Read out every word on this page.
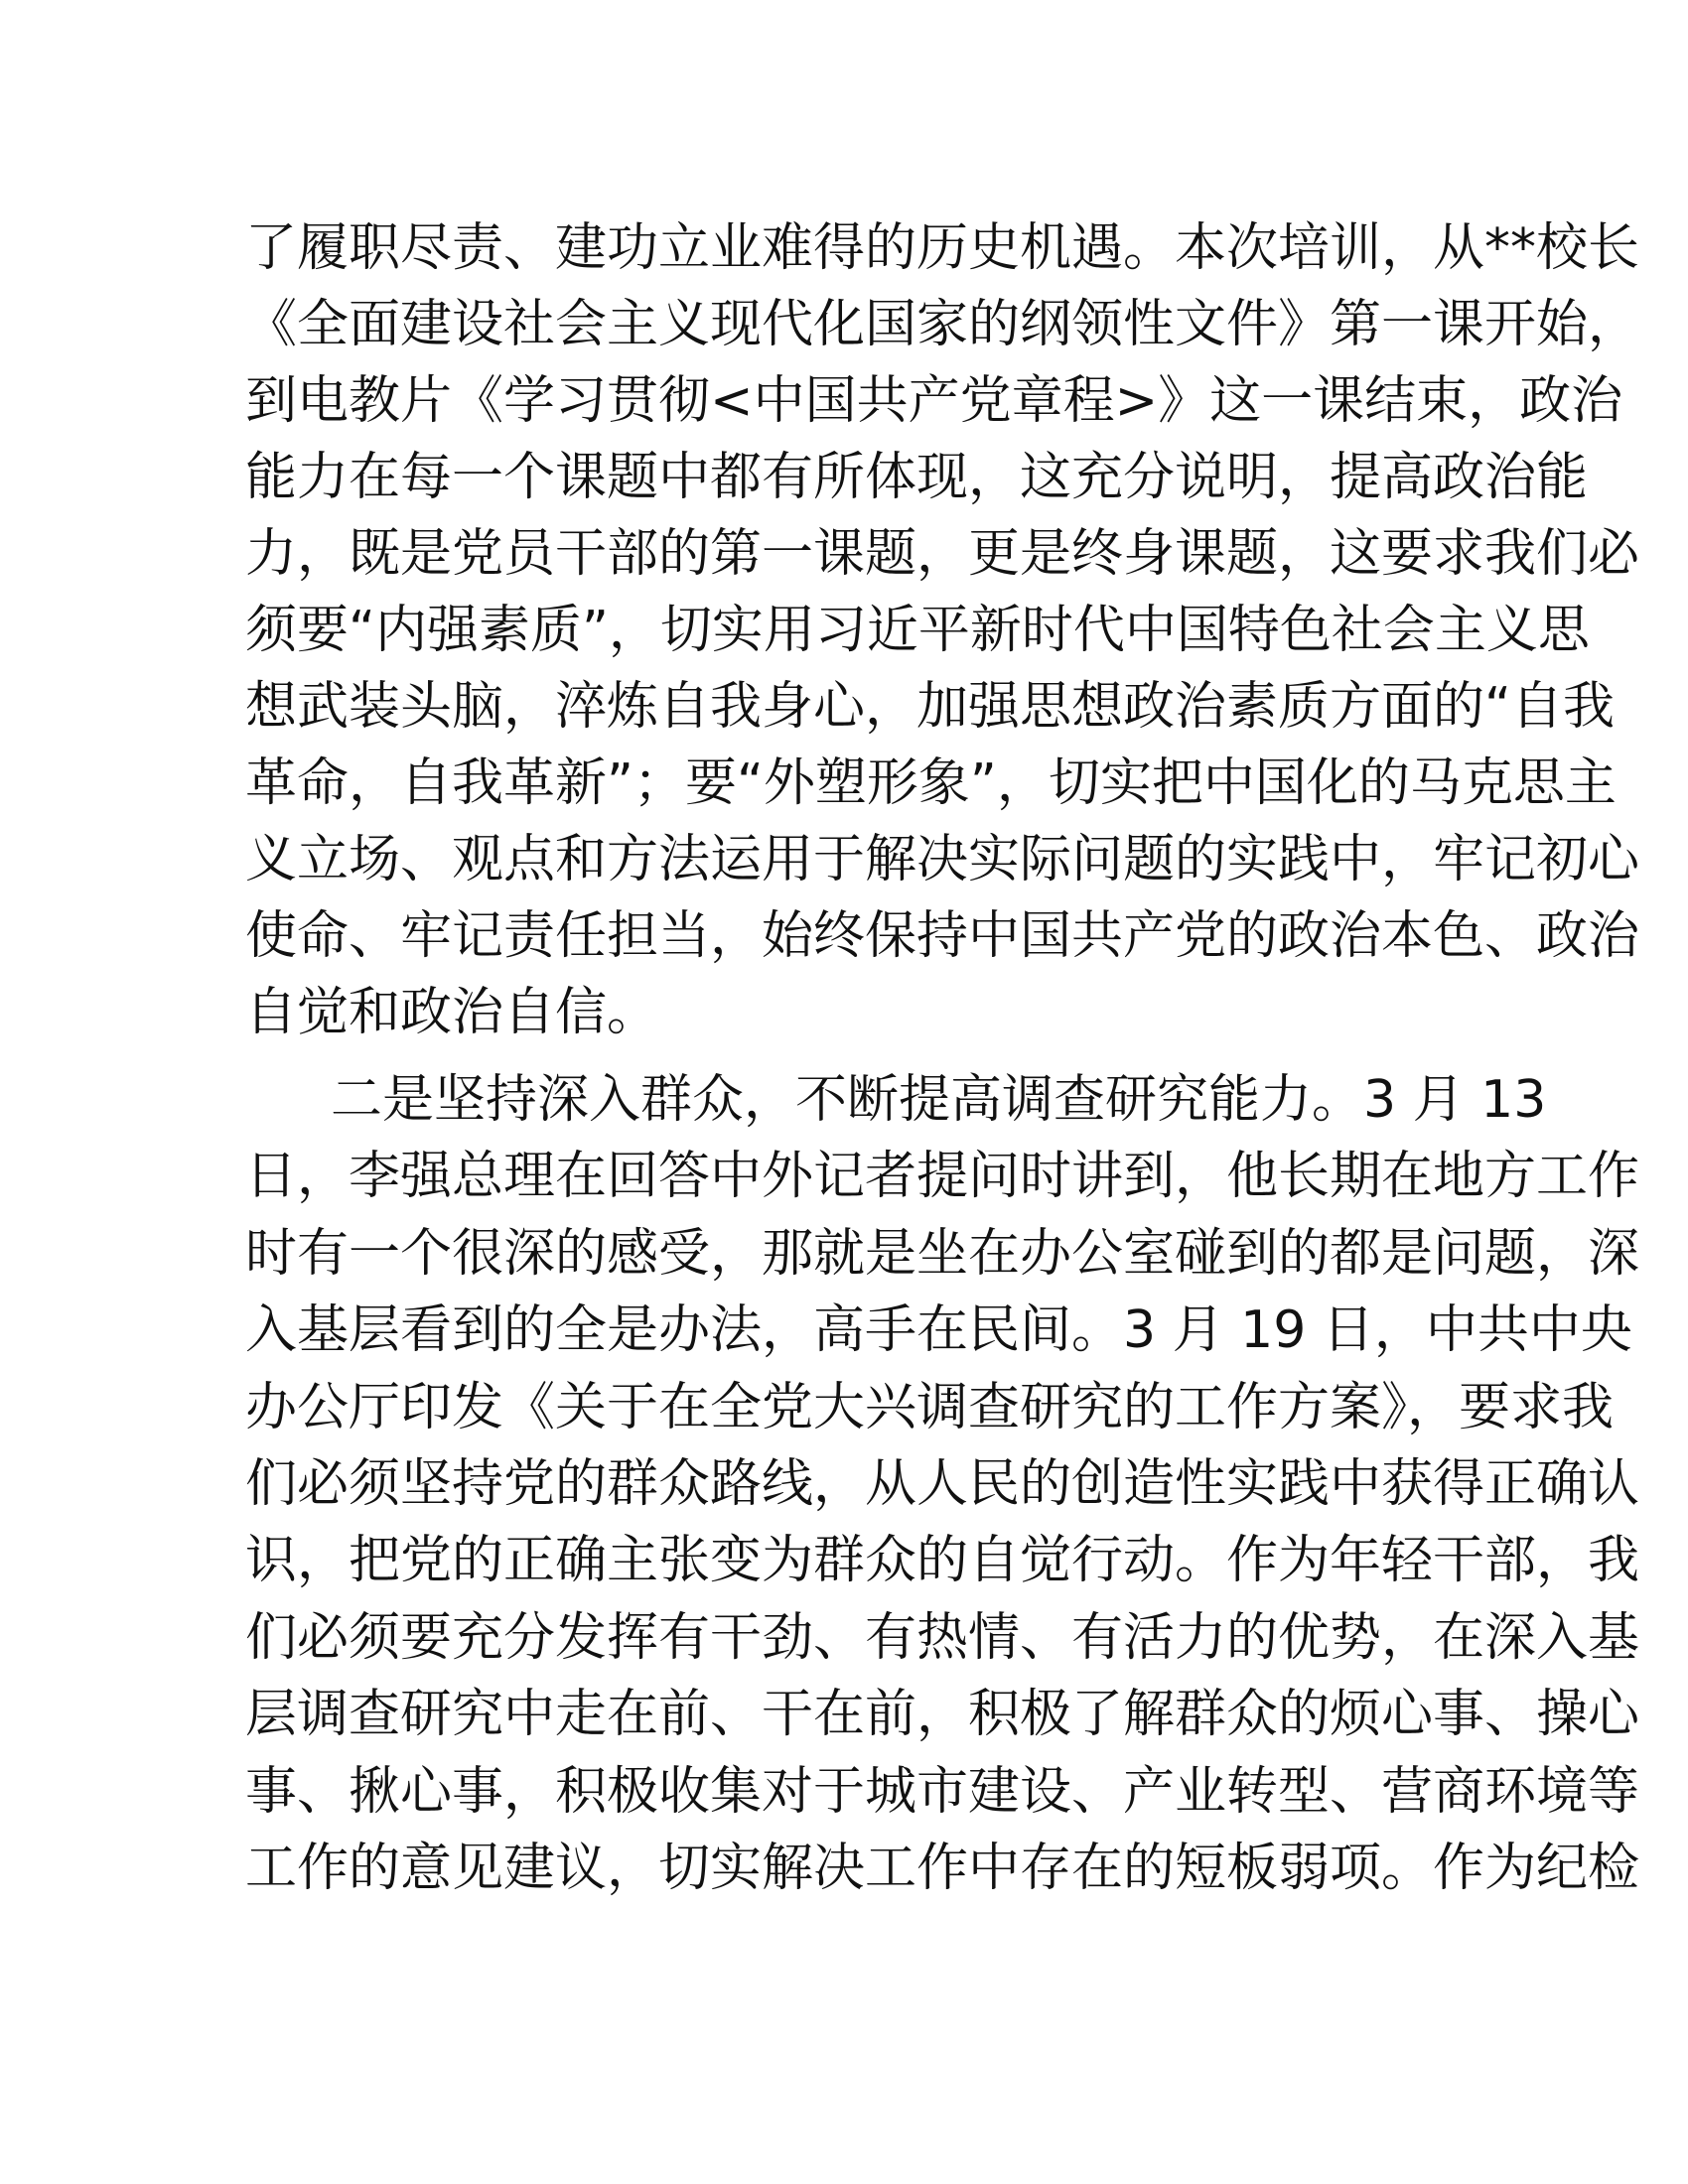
了履职尽责、建功立业难得的历史机遇。本次培训，从**校长
《全面建设社会主义现代化国家的纲领性文件》第一课开始，
到电教片《学习贯彻<中国共产党章程>》这一课结束，政治
能力在每一个课题中都有所体现，这充分说明，提高政治能
力，既是党员干部的第一课题，更是终身课题，这要求我们必
须要“内强素质”，切实用习近平新时代中国特色社会主义思
想武装头脑，淬炼自我身心，加强思想政治素质方面的“自我
革命，自我革新”；要“外塑形象”，切实把中国化的马克思主
义立场、观点和方法运用于解决实际问题的实践中，牢记初心
使命、牢记责任担当，始终保持中国共产党的政治本色、政治
自觉和政治自信。
二是坚持深入群众，不断提高调查研究能力。3 月 13
日，李强总理在回答中外记者提问时讲到，他长期在地方工作
时有一个很深的感受，那就是坐在办公室碰到的都是问题，深
入基层看到的全是办法，高手在民间。3 月 19 日，中共中央
办公厅印发《关于在全党大兴调查研究的工作方案》，要求我
们必须坚持党的群众路线，从人民的创造性实践中获得正确认
识，把党的正确主张变为群众的自觉行动。作为年轻干部，我
们必须要充分发挥有干劲、有热情、有活力的优势，在深入基
层调查研究中走在前、干在前，积极了解群众的烦心事、操心
事、揪心事，积极收集对于城市建设、产业转型、营商环境等
工作的意见建议，切实解决工作中存在的短板弱项。作为纪检
